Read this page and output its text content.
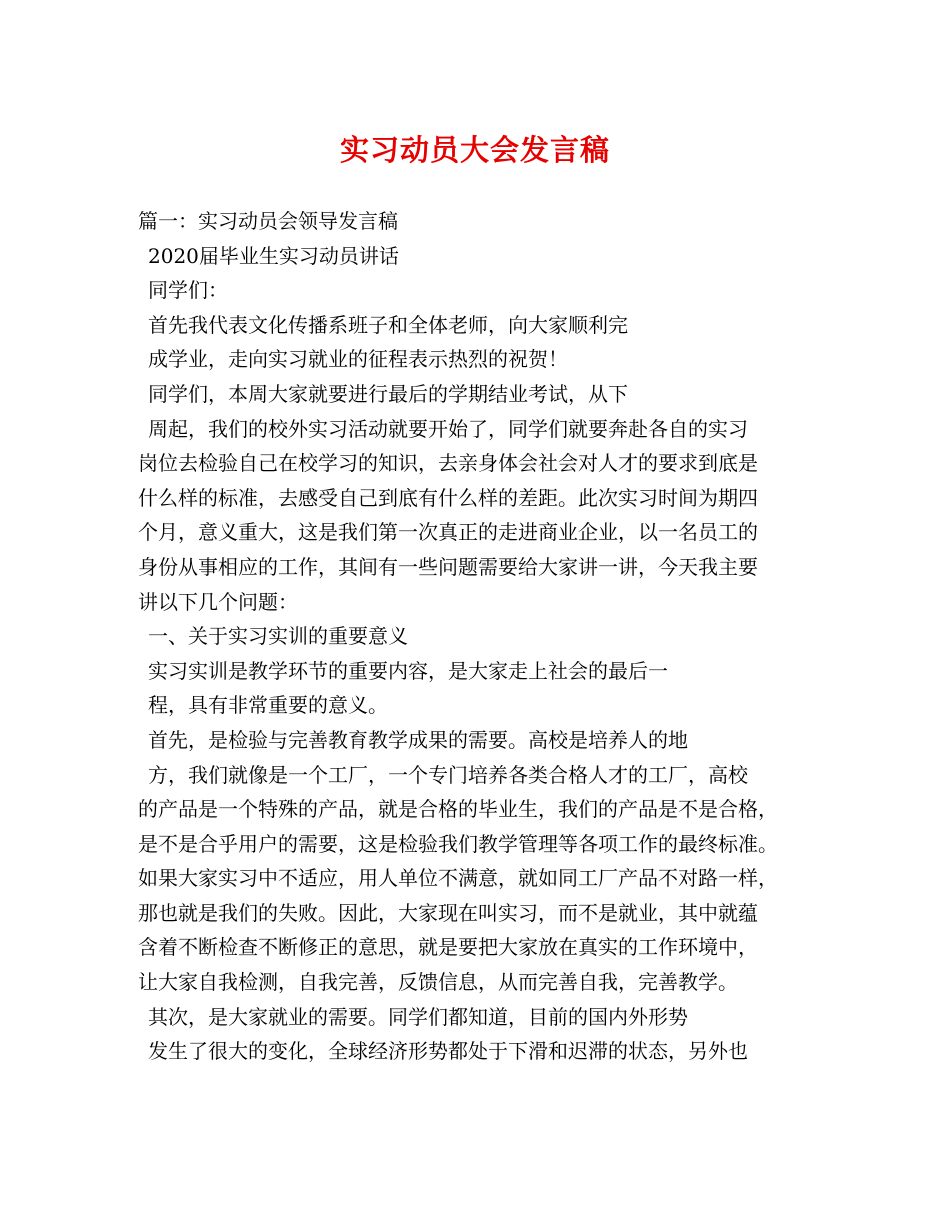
实习动员大会发言稿
篇一：实习动员会领导发言稿
2020届毕业生实习动员讲话
同学们：
首先我代表文化传播系班子和全体老师，向大家顺利完
成学业，走向实习就业的征程表示热烈的祝贺！
同学们，本周大家就要进行最后的学期结业考试，从下
周起，我们的校外实习活动就要开始了，同学们就要奔赴各自的实习
岗位去检验自己在校学习的知识，去亲身体会社会对人才的要求到底是
什么样的标准，去感受自己到底有什么样的差距。此次实习时间为期四
个月，意义重大，这是我们第一次真正的走进商业企业，以一名员工的
身份从事相应的工作，其间有一些问题需要给大家讲一讲，今天我主要
讲以下几个问题：
一、关于实习实训的重要意义
实习实训是教学环节的重要内容，是大家走上社会的最后一
程，具有非常重要的意义。
首先，是检验与完善教育教学成果的需要。高校是培养人的地
方，我们就像是一个工厂，一个专门培养各类合格人才的工厂，高校
的产品是一个特殊的产品，就是合格的毕业生，我们的产品是不是合格，
是不是合乎用户的需要，这是检验我们教学管理等各项工作的最终标准。
如果大家实习中不适应，用人单位不满意，就如同工厂产品不对路一样，
那也就是我们的失败。因此，大家现在叫实习，而不是就业，其中就蕴
含着不断检查不断修正的意思，就是要把大家放在真实的工作环境中，
让大家自我检测，自我完善，反馈信息，从而完善自我，完善教学。
其次，是大家就业的需要。同学们都知道，目前的国内外形势
发生了很大的变化，全球经济形势都处于下滑和迟滞的状态，另外也
